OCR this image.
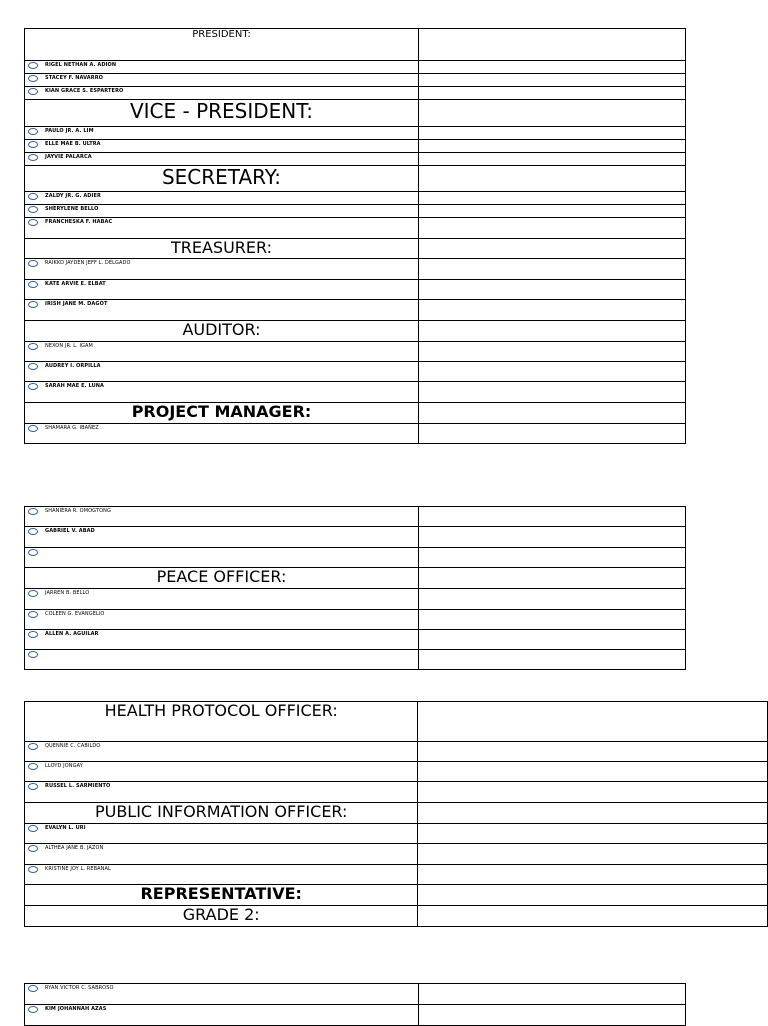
PRESIDENT:	

RIGEL NETHAN A. ADION	

STACEY F. NAVARRO	

KIAN GRACE S. ESPARTERO	

VICE - PRESIDENT:	

PAULO JR. A. LIM	

ELLE MAE B. ULTRA	

JAYVIE PALARCA	

SECRETARY:	

ZALDY JR. G. ADIER	

SHERYLENE BELLO	

FRANCHESKA F. HABAC	

TREASURER:	

RAIKKO JAYDEN JEFF L. DELGADO	

KATE ARVIE E. ELBAT	

IRISH JANE M. DAGOT	

AUDITOR:	

NEXON JR. L. IGAM	

AUDREY I. ORPILLA	

SARAH MAE E. LUNA	

PROJECT MANAGER:	

SHAMARA G. IBAÑEZ	

SHANIERA R. OMOGTONG	

GABRIEL V. ABAD	

PEACE OFFICER:	

JARREN B. BELLO	

COLEEN G. EVANGELIO	

ALLEN A. AGUILAR	

HEALTH PROTOCOL OFFICER:	

QUENNIE C. CABILDO	

LLOYD JONGAY	

RUSSEL L. SARMIENTO	

PUBLIC INFORMATION OFFICER:	

EVALYN L. URI	

ALTHEA JANE B. JAZON	

KRISTINE JOY L. REBANAL	

REPRESENTATIVE:	

GRADE 2:	

RYAN VICTOR C. SABROSO	

KIM JOHANNAH AZAS	
